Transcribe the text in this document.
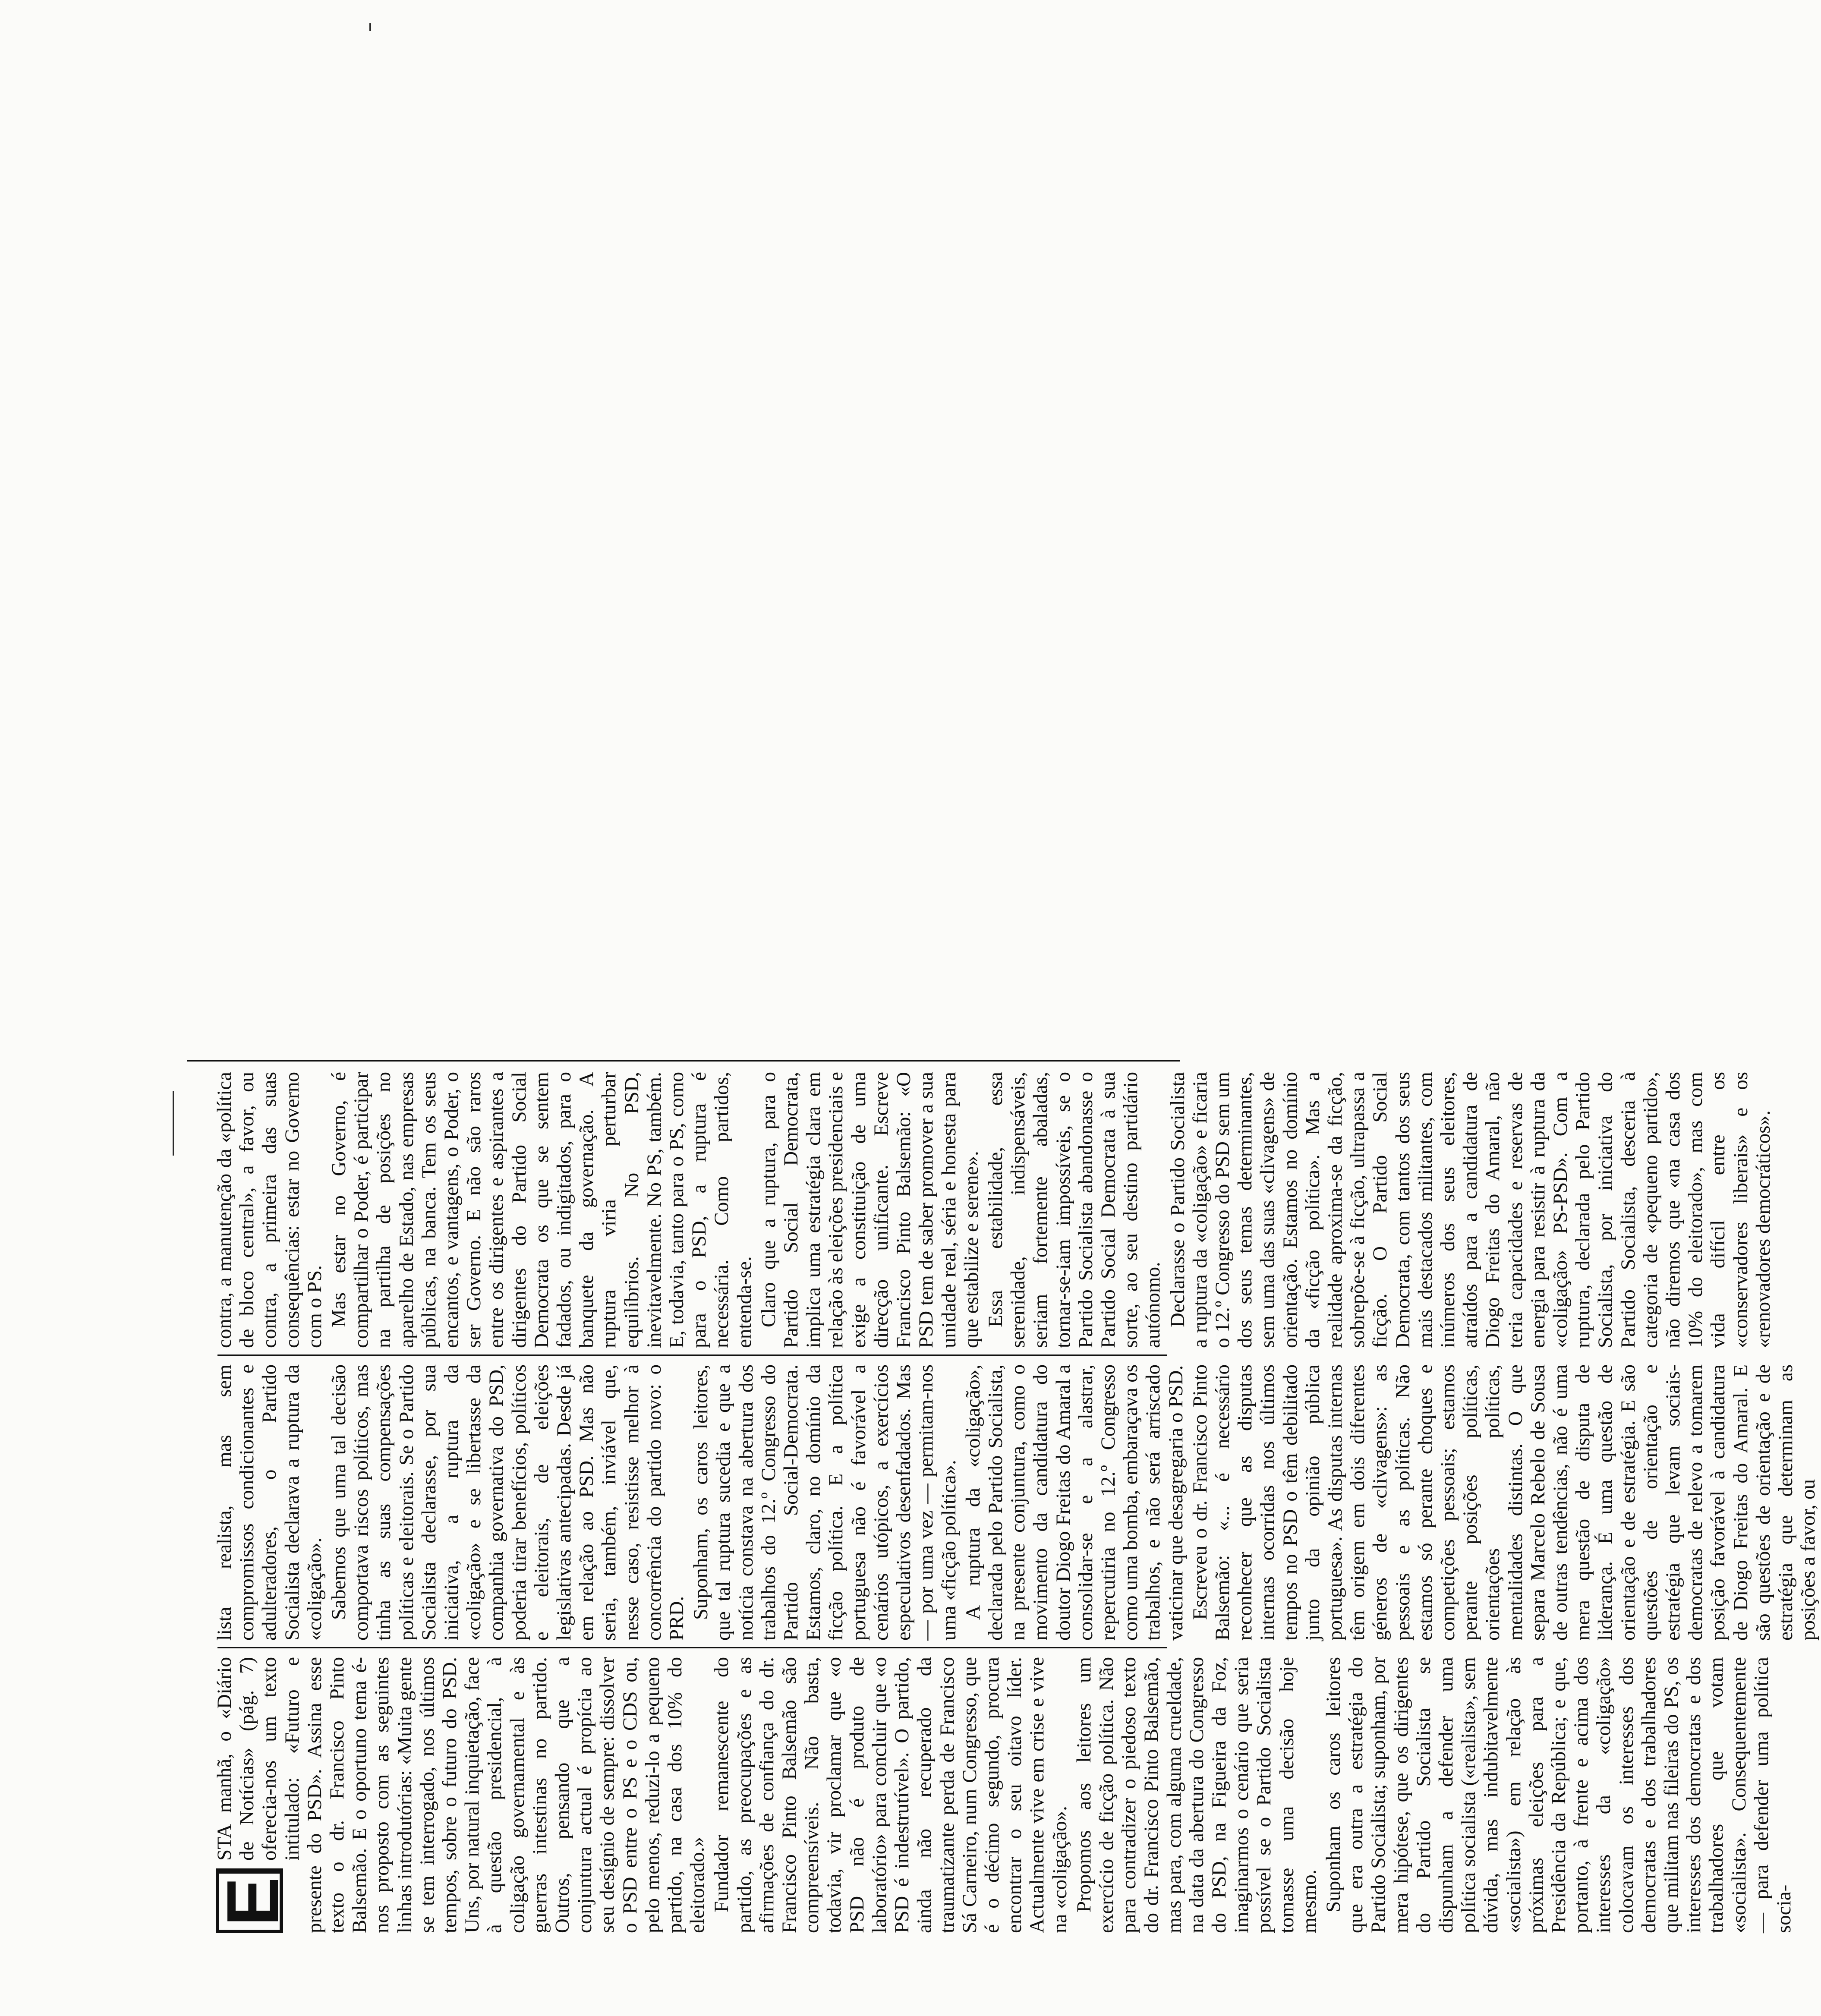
E

STA manhã, o «Diário de Notícias» (pág. 7) oferecia-nos um texto intitulado: «Futuro e presente do PSD». Assina esse texto o dr. Francisco Pinto Balsemão. E o oportuno tema é-nos proposto com as seguintes linhas introdutórias: «Muita gente se tem interrogado, nos últimos tempos, sobre o futuro do PSD. Uns, por natural inquietação, face à questão presidencial, à coligação governamental e às guerras intestinas no partido. Outros, pensando que a conjuntura actual é propícia ao seu desígnio de sempre: dissolver o PSD entre o PS e o CDS ou, pelo menos, reduzi-lo a pequeno partido, na casa dos 10% do eleitorado.» Fundador remanescente do partido, as preocupações e as afirmações de confiança do dr. Francisco Pinto Balsemão são compreensíveis. Não basta, todavia, vir proclamar que «o PSD não é produto de laboratório» para concluir que «o PSD é indestrutível». O partido, ainda não recuperado da traumatizante perda de Francisco Sá Carneiro, num Congresso, que é o décimo segundo, procura encontrar o seu oitavo líder. Actualmente vive em crise e vive na «coligação». Propomos aos leitores um exercício de ficção política. Não para contradizer o piedoso texto do dr. Francisco Pinto Balsemão, mas para, com alguma crueldade, na data da abertura do Congresso do PSD, na Figueira da Foz, imaginarmos o cenário que seria possível se o Partido Socialista tomasse uma decisão hoje mesmo. Suponham os caros leitores que era outra a estratégia do Partido Socialista; suponham, por mera hipótese, que os dirigentes do Partido Socialista se dispunham a defender uma política socialista («realista», sem dúvida, mas indubitavelmente «socialista») em relação às próximas eleições para a Presidência da República; e que, portanto, à frente e acima dos interesses da «coligação» colocavam os interesses dos democratas e dos trabalhadores que militam nas fileiras do PS, os interesses dos democratas e dos trabalhadores que votam «socialista». Consequentemente — para defender uma política socia-

lista realista, mas sem compromissos condicionantes e adulteradores, o Partido Socialista declarava a ruptura da «coligação». Sabemos que uma tal decisão comportava riscos políticos, mas tinha as suas compensações políticas e eleitorais. Se o Partido Socialista declarasse, por sua iniciativa, a ruptura da «coligação» e se libertasse da companhia governativa do PSD, poderia tirar benefícios, políticos e eleitorais, de eleições legislativas antecipadas. Desde já em relação ao PSD. Mas não seria, também, inviável que, nesse caso, resistisse melhor à concorrência do partido novo: o PRD. Suponham, os caros leitores, que tal ruptura sucedia e que a notícia constava na abertura dos trabalhos do 12.º Congresso do Partido Social-Democrata. Estamos, claro, no domínio da ficção política. E a política portuguesa não é favorável a cenários utópicos, a exercícios especulativos desenfadados. Mas — por uma vez — permitam-nos uma «ficção política». A ruptura da «coligação», declarada pelo Partido Socialista, na presente conjuntura, como o movimento da candidatura do doutor Diogo Freitas do Amaral a consolidar-se e a alastrar, repercutiria no 12.º Congresso como uma bomba, embaraçava os trabalhos, e não será arriscado vaticinar que desagregaria o PSD. Escreveu o dr. Francisco Pinto Balsemão: «... é necessário reconhecer que as disputas internas ocorridas nos últimos tempos no PSD o têm debilitado junto da opinião pública portuguesa». As disputas internas têm origem em dois diferentes géneros de «clivagens»: as pessoais e as políticas. Não estamos só perante choques e competições pessoais; estamos perante posições políticas, orientações políticas, mentalidades distintas. O que separa Marcelo Rebelo de Sousa de outras tendências, não é uma mera questão de disputa de liderança. É uma questão de orientação e de estratégia. E são questões de orientação e estratégia que levam sociais-democratas de relevo a tomarem posição favorável à candidatura de Diogo Freitas do Amaral. E são questões de orientação e de estratégia que determinam as posições a favor, ou

contra, a manutenção da «política de bloco central», a favor, ou contra, a primeira das suas consequências: estar no Governo com o PS. Mas estar no Governo, é compartilhar o Poder, é participar na partilha de posições no aparelho de Estado, nas empresas públicas, na banca. Tem os seus encantos, e vantagens, o Poder, o ser Governo. E não são raros entre os dirigentes e aspirantes a dirigentes do Partido Social Democrata os que se sentem fadados, ou indigitados, para o banquete da governação. A ruptura viria perturbar equilíbrios. No PSD, inevitavelmente. No PS, também. E, todavia, tanto para o PS, como para o PSD, a ruptura é necessária. Como partidos, entenda-se. Claro que a ruptura, para o Partido Social Democrata, implica uma estratégia clara em relação às eleições presidenciais e exige a constituição de uma direcção unificante. Escreve Francisco Pinto Balsemão: «O PSD tem de saber promover a sua unidade real, séria e honesta para que estabilize e serene». Essa estabilidade, essa serenidade, indispensáveis, seriam fortemente abaladas, tornar-se-iam impossíveis, se o Partido Socialista abandonasse o Partido Social Democrata à sua sorte, ao seu destino partidário autónomo. Declarasse o Partido Socialista a ruptura da «coligação» e ficaria o 12.º Congresso do PSD sem um dos seus temas determinantes, sem uma das suas «clivagens» de orientação. Estamos no domínio da «ficção política». Mas a realidade aproxima-se da ficção, sobrepõe-se à ficção, ultrapassa a ficção. O Partido Social Democrata, com tantos dos seus mais destacados militantes, com inúmeros dos seus eleitores, atraídos para a candidatura de Diogo Freitas do Amaral, não teria capacidades e reservas de energia para resistir à ruptura da «coligação» PS-PSD». Com a ruptura, declarada pelo Partido Socialista, por iniciativa do Partido Socialista, desceria à categoria de «pequeno partido», não diremos que «na casa dos 10% do eleitorado», mas com vida difícil entre os «conservadores liberais» e os «renovadores democráticos».
